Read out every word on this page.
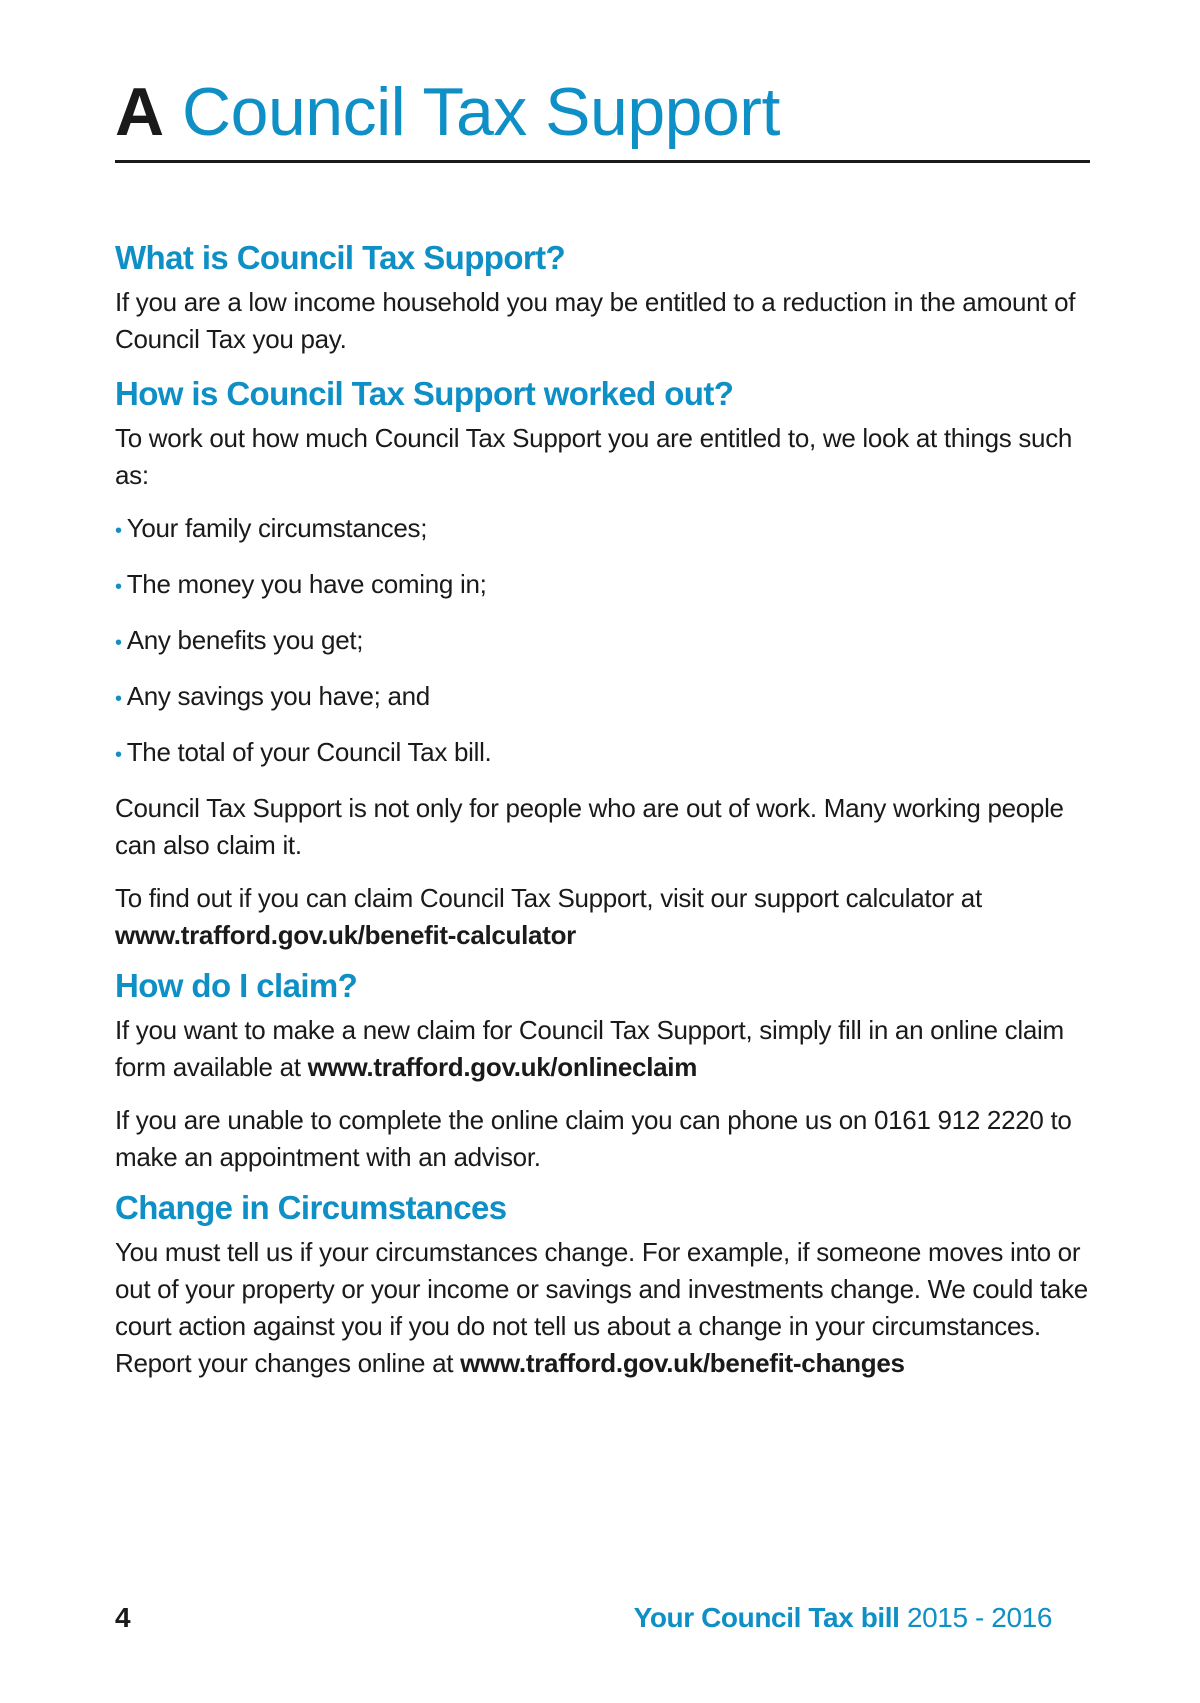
A Council Tax Support
What is Council Tax Support?

If you are a low income household you may be entitled to a reduction in the amount of Council Tax you pay.

How is Council Tax Support worked out?

To work out how much Council Tax Support you are entitled to, we look at things such as:

• Your family circumstances;
• The money you have coming in;
• Any benefits you get;
• Any savings you have; and
• The total of your Council Tax bill.

Council Tax Support is not only for people who are out of work. Many working people can also claim it.

To find out if you can claim Council Tax Support, visit our support calculator at
www.trafford.gov.uk/benefit-calculator

How do I claim?

If you want to make a new claim for Council Tax Support, simply fill in an online claim form available at www.trafford.gov.uk/onlineclaim

If you are unable to complete the online claim you can phone us on 0161 912 2220 to make an appointment with an advisor.

Change in Circumstances

You must tell us if your circumstances change. For example, if someone moves into or out of your property or your income or savings and investments change. We could take court action against you if you do not tell us about a change in your circumstances. Report your changes online at www.trafford.gov.uk/benefit-changes

4	Your Council Tax bill 2015 - 2016
